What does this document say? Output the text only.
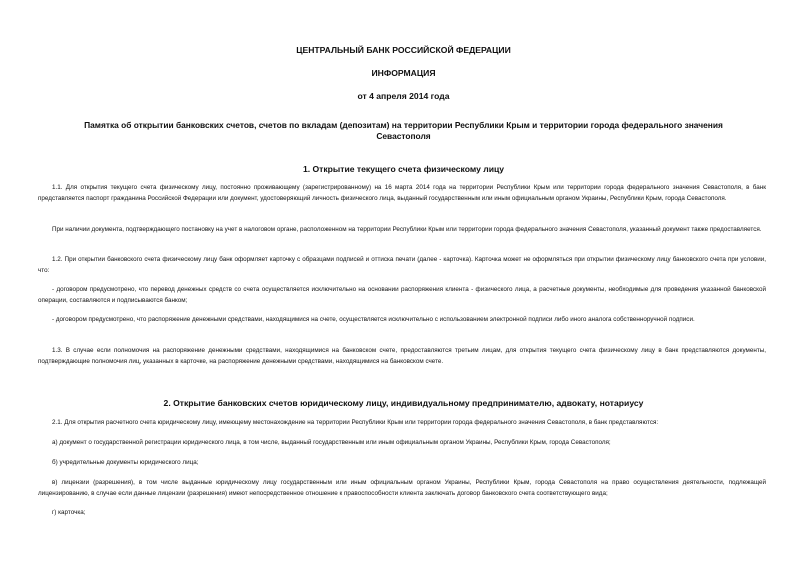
ЦЕНТРАЛЬНЫЙ БАНК РОССИЙСКОЙ ФЕДЕРАЦИИ
ИНФОРМАЦИЯ
от 4 апреля 2014 года
Памятка об открытии банковских счетов, счетов по вкладам (депозитам) на территории Республики Крым и территории города федерального значения Севастополя
1. Открытие текущего счета физическому лицу

1.1. Для открытия текущего счета физическому лицу, постоянно проживающему (зарегистрированному) на 16 марта 2014 года на территории Республики Крым или территории города федерального значения Севастополя, в банк представляется паспорт гражданина Российской Федерации или документ, удостоверяющий личность физического лица, выданный государственным или иным официальным органом Украины, Республики Крым, города Севастополя.

При наличии документа, подтверждающего постановку на учет в налоговом органе, расположенном на территории Республики Крым или территории города федерального значения Севастополя, указанный документ также предоставляется.

1.2. При открытии банковского счета физическому лицу банк оформляет карточку с образцами подписей и оттиска печати (далее - карточка). Карточка может не оформляться при открытии физическому лицу банковского счета при условии, что:

- договором предусмотрено, что перевод денежных средств со счета осуществляется исключительно на основании распоряжения клиента - физического лица, а расчетные документы, необходимые для проведения указанной банковской операции, составляются и подписываются банком;

- договором предусмотрено, что распоряжение денежными средствами, находящимися на счете, осуществляется исключительно с использованием электронной подписи либо иного аналога собственноручной подписи.

1.3. В случае если полномочия на распоряжение денежными средствами, находящимися на банковском счете, предоставляются третьим лицам, для открытия текущего счета физическому лицу в банк представляются документы, подтверждающие полномочия лиц, указанных в карточке, на распоряжение денежными средствами, находящимися на банковском счете.

2. Открытие банковских счетов юридическому лицу, индивидуальному предпринимателю, адвокату, нотариусу

2.1. Для открытия расчетного счета юридическому лицу, имеющему местонахождение на территории Республики Крым или территории города федерального значения Севастополя, в банк представляются:

а) документ о государственной регистрации юридического лица, в том числе, выданный государственным или иным официальным органом Украины, Республики Крым, города Севастополя;

б) учредительные документы юридического лица;

в) лицензии (разрешения), в том числе выданные юридическому лицу государственным или иным официальным органом Украины, Республики Крым, города Севастополя на право осуществления деятельности, подлежащей лицензированию, в случае если данные лицензии (разрешения) имеют непосредственное отношение к правоспособности клиента заключать договор банковского счета соответствующего вида;

г) карточка;
